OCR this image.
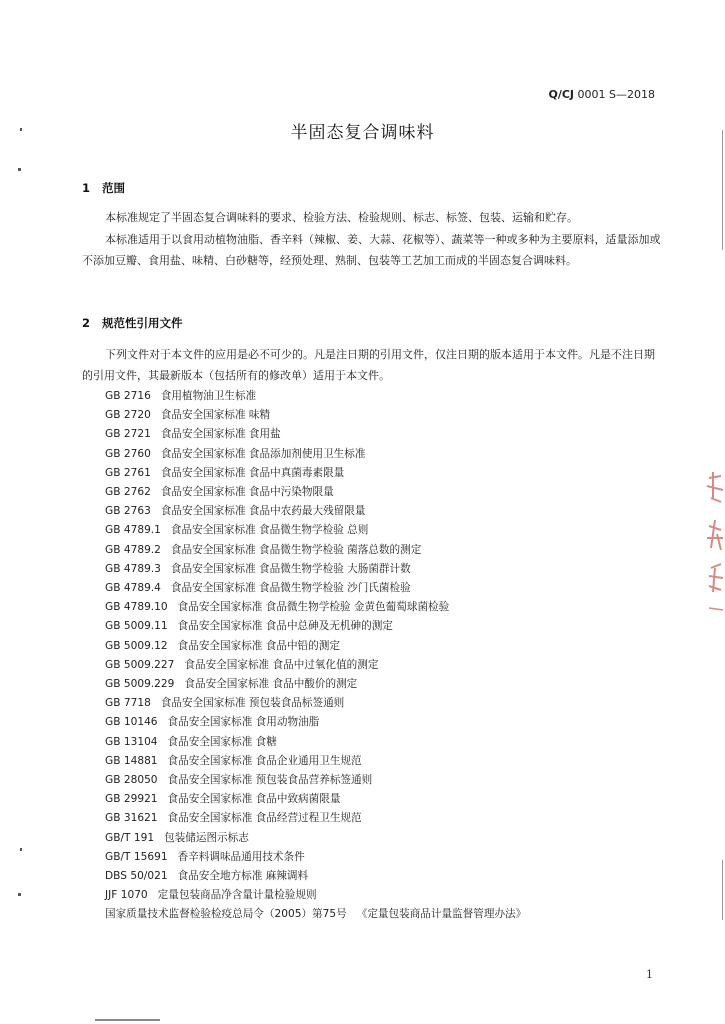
Q/CJ 0001 S—2018
半固态复合调味料
1 范围

本标准规定了半固态复合调味料的要求、检验方法、检验规则、标志、标签、包装、运输和贮存。

本标准适用于以食用动植物油脂、香辛料（辣椒、姜、大蒜、花椒等）、蔬菜等一种或多种为主要原料，适量添加或不添加豆瓣、食用盐、味精、白砂糖等，经预处理、熟制、包装等工艺加工而成的半固态复合调味料。

2 规范性引用文件

下列文件对于本文件的应用是必不可少的。凡是注日期的引用文件，仅注日期的版本适用于本文件。凡是不注日期的引用文件，其最新版本（包括所有的修改单）适用于本文件。

GB 2716 食用植物油卫生标准
GB 2720 食品安全国家标准 味精
GB 2721 食品安全国家标准 食用盐
GB 2760 食品安全国家标准 食品添加剂使用卫生标准
GB 2761 食品安全国家标准 食品中真菌毒素限量
GB 2762 食品安全国家标准 食品中污染物限量
GB 2763 食品安全国家标准 食品中农药最大残留限量
GB 4789.1 食品安全国家标准 食品微生物学检验 总则
GB 4789.2 食品安全国家标准 食品微生物学检验 菌落总数的测定
GB 4789.3 食品安全国家标准 食品微生物学检验 大肠菌群计数
GB 4789.4 食品安全国家标准 食品微生物学检验 沙门氏菌检验
GB 4789.10 食品安全国家标准 食品微生物学检验 金黄色葡萄球菌检验
GB 5009.11 食品安全国家标准 食品中总砷及无机砷的测定
GB 5009.12 食品安全国家标准 食品中铅的测定
GB 5009.227 食品安全国家标准 食品中过氧化值的测定
GB 5009.229 食品安全国家标准 食品中酸价的测定
GB 7718 食品安全国家标准 预包装食品标签通则
GB 10146 食品安全国家标准 食用动物油脂
GB 13104 食品安全国家标准 食糖
GB 14881 食品安全国家标准 食品企业通用卫生规范
GB 28050 食品安全国家标准 预包装食品营养标签通则
GB 29921 食品安全国家标准 食品中致病菌限量
GB 31621 食品安全国家标准 食品经营过程卫生规范
GB/T 191 包装储运图示标志
GB/T 15691 香辛料调味品通用技术条件
DBS 50/021 食品安全地方标准 麻辣调料
JJF 1070 定量包装商品净含量计量检验规则
国家质量技术监督检验检疫总局令（2005）第75号 《定量包装商品计量监督管理办法》
1
